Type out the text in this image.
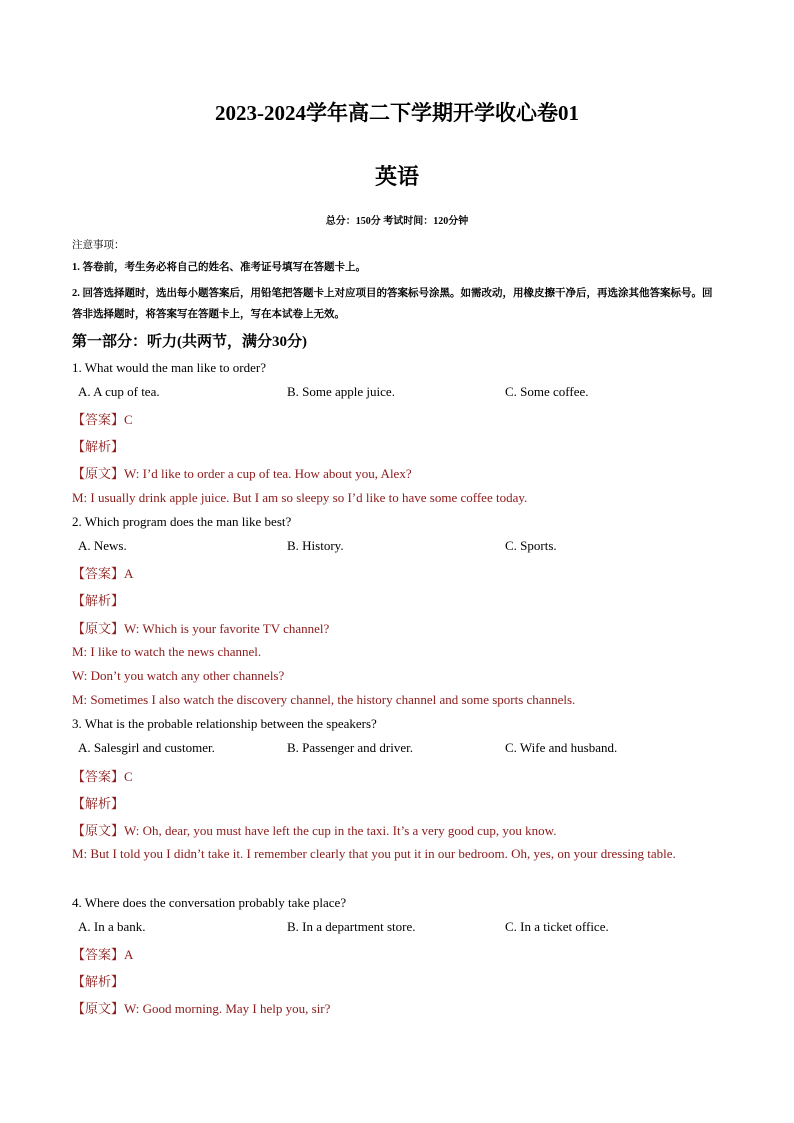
2023-2024学年高二下学期开学收心卷01
英语
总分：150分 考试时间：120分钟
注意事项：
1. 答卷前，考生务必将自己的姓名、准考证号填写在答题卡上。
2. 回答选择题时，选出每小题答案后，用铅笔把答题卡上对应项目的答案标号涂黑。如需改动，用橡皮擦干净后，再选涂其他答案标号。回答非选择题时，将答案写在答题卡上，写在本试卷上无效。
第一部分：听力(共两节，满分30分)
1. What would the man like to order?
A. A cup of tea.	B. Some apple juice.	C. Some coffee.
【答案】C
【解析】
【原文】W: I’d like to order a cup of tea. How about you, Alex?
M: I usually drink apple juice. But I am so sleepy so I’d like to have some coffee today.
2. Which program does the man like best?
A. News.	B. History.	C. Sports.
【答案】A
【解析】
【原文】W: Which is your favorite TV channel?
M: I like to watch the news channel.
W: Don’t you watch any other channels?
M: Sometimes I also watch the discovery channel, the history channel and some sports channels.
3. What is the probable relationship between the speakers?
A. Salesgirl and customer.	B. Passenger and driver.	C. Wife and husband.
【答案】C
【解析】
【原文】W: Oh, dear, you must have left the cup in the taxi. It’s a very good cup, you know.
M: But I told you I didn’t take it. I remember clearly that you put it in our bedroom. Oh, yes, on your dressing table.
4. Where does the conversation probably take place?
A. In a bank.	B. In a department store.	C. In a ticket office.
【答案】A
【解析】
【原文】W: Good morning. May I help you, sir?
